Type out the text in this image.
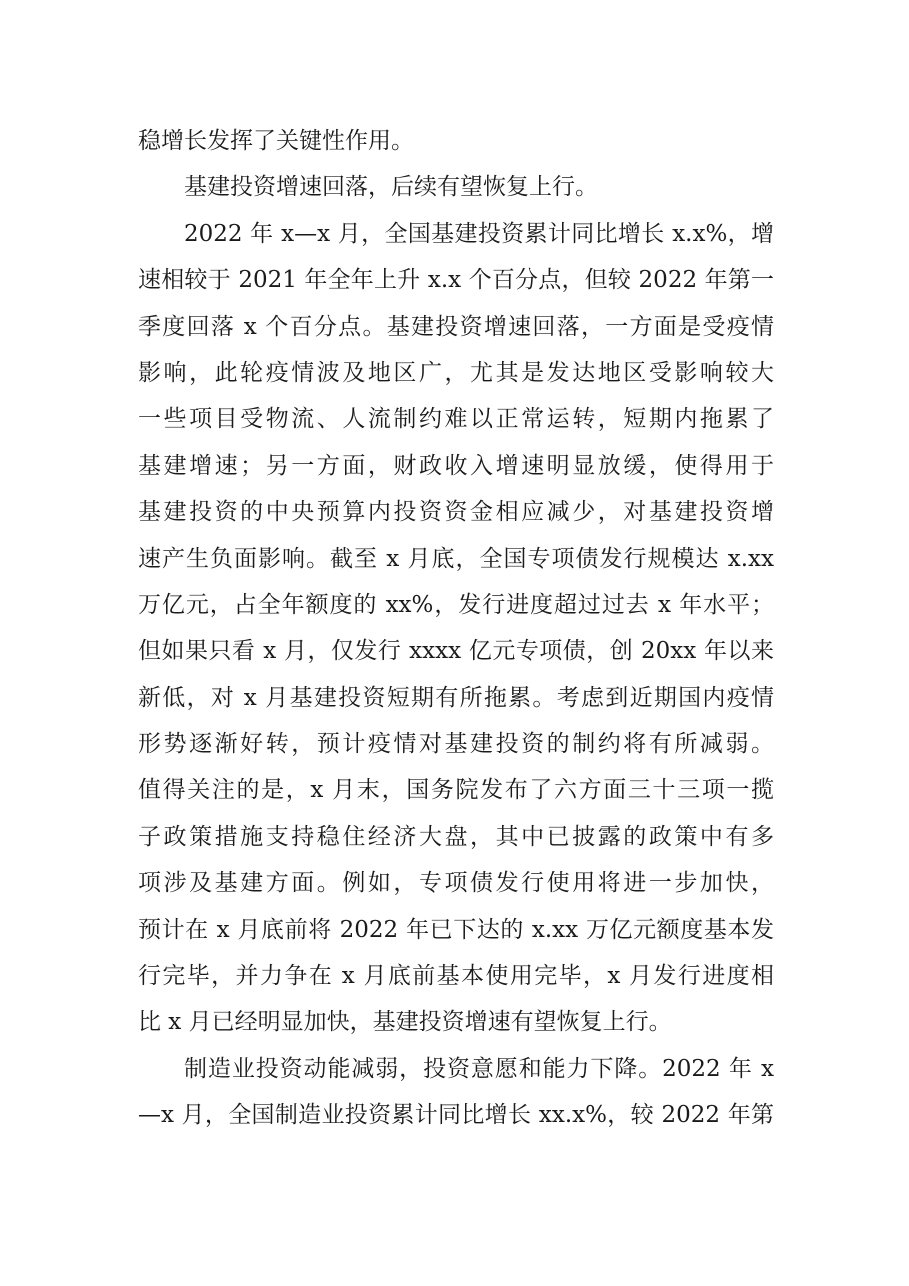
稳增长发挥了关键性作用。
基建投资增速回落，后续有望恢复上行。
2022 年 x—x 月，全国基建投资累计同比增长 x.x%，增
速相较于 2021 年全年上升 x.x 个百分点，但较 2022 年第一
季度回落 x 个百分点。基建投资增速回落，一方面是受疫情
影响，此轮疫情波及地区广，尤其是发达地区受影响较大
一些项目受物流、人流制约难以正常运转，短期内拖累了
基建增速；另一方面，财政收入增速明显放缓，使得用于
基建投资的中央预算内投资资金相应减少，对基建投资增
速产生负面影响。截至 x 月底，全国专项债发行规模达 x.xx
万亿元，占全年额度的 xx%，发行进度超过过去 x 年水平；
但如果只看 x 月，仅发行 xxxx 亿元专项债，创 20xx 年以来
新低，对 x 月基建投资短期有所拖累。考虑到近期国内疫情
形势逐渐好转，预计疫情对基建投资的制约将有所减弱。
值得关注的是，x 月末，国务院发布了六方面三十三项一揽
子政策措施支持稳住经济大盘，其中已披露的政策中有多
项涉及基建方面。例如，专项债发行使用将进一步加快，
预计在 x 月底前将 2022 年已下达的 x.xx 万亿元额度基本发
行完毕，并力争在 x 月底前基本使用完毕，x 月发行进度相
比 x 月已经明显加快，基建投资增速有望恢复上行。
制造业投资动能减弱，投资意愿和能力下降。2022 年 x
—x 月，全国制造业投资累计同比增长 xx.x%，较 2022 年第
